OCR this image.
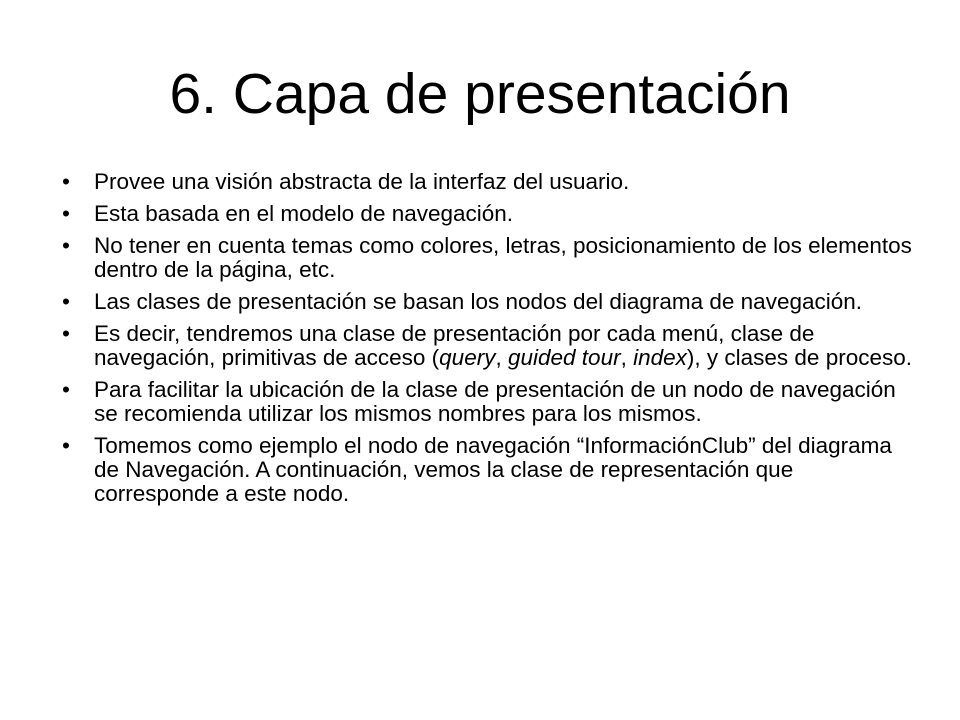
6. Capa de presentación
•	Provee una visión abstracta de la interfaz del usuario.
•	Esta basada en el modelo de navegación.
•	No tener en cuenta temas como colores, letras, posicionamiento de los elementos dentro de la página, etc.
•	Las clases de presentación se basan los nodos del diagrama de navegación.
•	Es decir, tendremos una clase de presentación por cada menú, clase de navegación, primitivas de acceso (query, guided tour, index), y clases de proceso.
•	Para facilitar la ubicación de la clase de presentación de un nodo de navegación se recomienda utilizar los mismos nombres para los mismos.
•	Tomemos como ejemplo el nodo de navegación “InformaciónClub” del diagrama de Navegación. A continuación, vemos la clase de representación que corresponde a este nodo.
